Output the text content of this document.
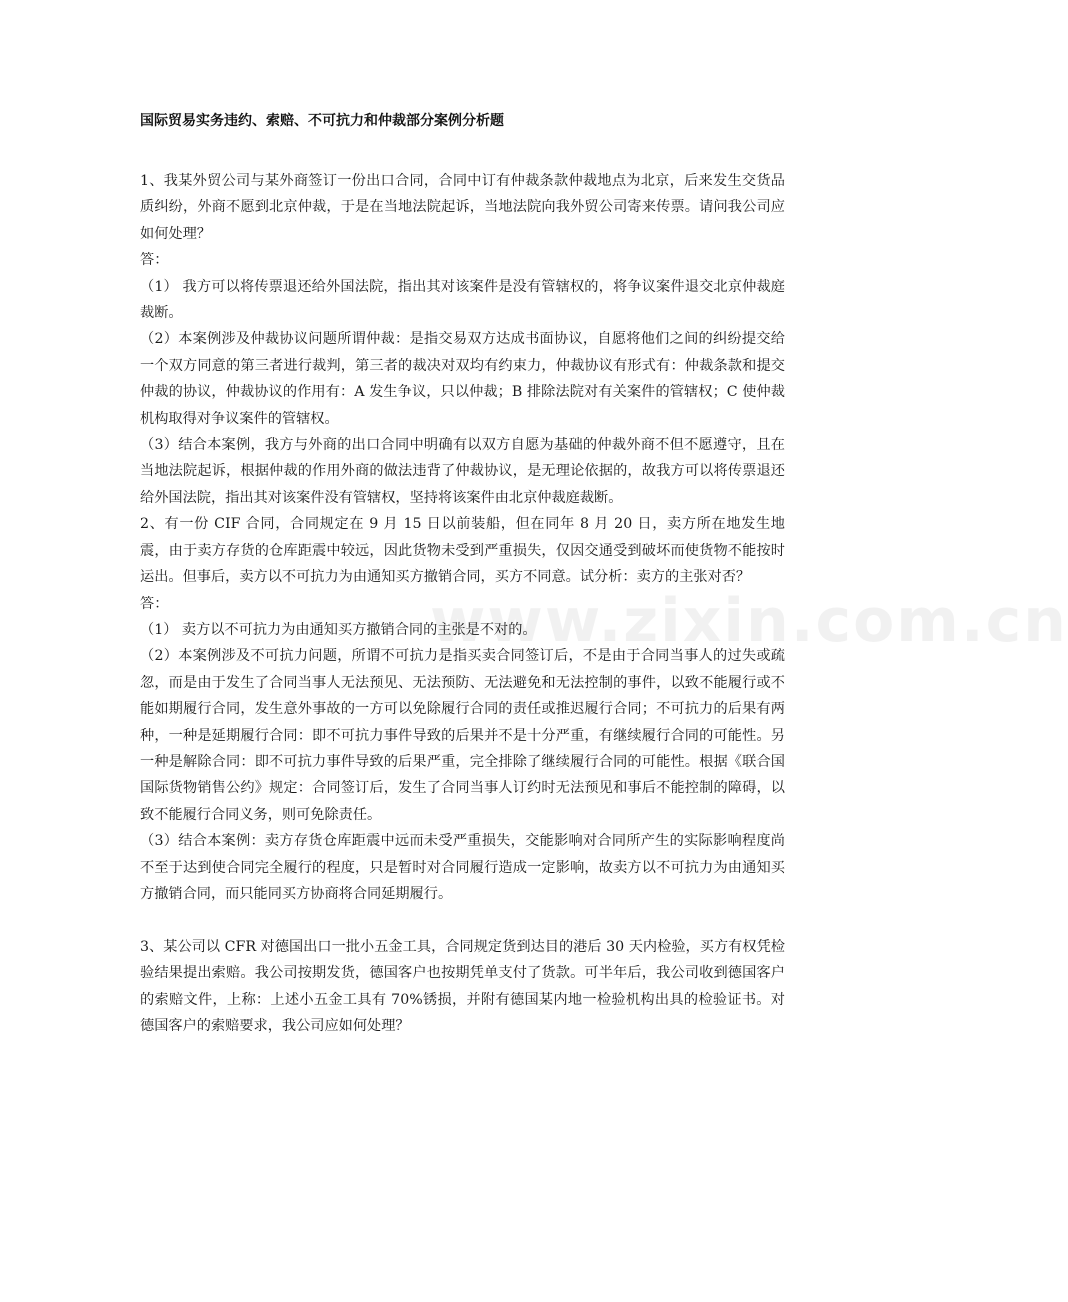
www.zixin.com.cn
国际贸易实务违约、索赔、不可抗力和仲裁部分案例分析题

1、我某外贸公司与某外商签订一份出口合同，合同中订有仲裁条款仲裁地点为北京，后来发生交货品质纠纷，外商不愿到北京仲裁，于是在当地法院起诉，当地法院向我外贸公司寄来传票。请问我公司应如何处理？

答：

（1） 我方可以将传票退还给外国法院，指出其对该案件是没有管辖权的，将争议案件退交北京仲裁庭裁断。

（2）本案例涉及仲裁协议问题所谓仲裁：是指交易双方达成书面协议，自愿将他们之间的纠纷提交给一个双方同意的第三者进行裁判，第三者的裁决对双均有约束力，仲裁协议有形式有：仲裁条款和提交仲裁的协议，仲裁协议的作用有：A 发生争议，只以仲裁；B 排除法院对有关案件的管辖权；C 使仲裁机构取得对争议案件的管辖权。

（3）结合本案例，我方与外商的出口合同中明确有以双方自愿为基础的仲裁外商不但不愿遵守，且在当地法院起诉，根据仲裁的作用外商的做法违背了仲裁协议，是无理论依据的，故我方可以将传票退还给外国法院，指出其对该案件没有管辖权，坚持将该案件由北京仲裁庭裁断。

2、有一份 CIF 合同，合同规定在 9 月 15 日以前装船，但在同年 8 月 20 日，卖方所在地发生地震，由于卖方存货的仓库距震中较远，因此货物未受到严重损失，仅因交通受到破坏而使货物不能按时运出。但事后，卖方以不可抗力为由通知买方撤销合同，买方不同意。试分析：卖方的主张对否？

答：

（1） 卖方以不可抗力为由通知买方撤销合同的主张是不对的。

（2）本案例涉及不可抗力问题，所谓不可抗力是指买卖合同签订后，不是由于合同当事人的过失或疏忽，而是由于发生了合同当事人无法预见、无法预防、无法避免和无法控制的事件，以致不能履行或不能如期履行合同，发生意外事故的一方可以免除履行合同的责任或推迟履行合同；不可抗力的后果有两种，一种是延期履行合同：即不可抗力事件导致的后果并不是十分严重，有继续履行合同的可能性。另一种是解除合同：即不可抗力事件导致的后果严重，完全排除了继续履行合同的可能性。根据《联合国国际货物销售公约》规定：合同签订后，发生了合同当事人订约时无法预见和事后不能控制的障碍，以致不能履行合同义务，则可免除责任。

（3）结合本案例：卖方存货仓库距震中远而未受严重损失，交能影响对合同所产生的实际影响程度尚不至于达到使合同完全履行的程度，只是暂时对合同履行造成一定影响，故卖方以不可抗力为由通知买方撤销合同，而只能同买方协商将合同延期履行。

3、某公司以 CFR 对德国出口一批小五金工具，合同规定货到达目的港后 30 天内检验，买方有权凭检验结果提出索赔。我公司按期发货，德国客户也按期凭单支付了货款。可半年后，我公司收到德国客户的索赔文件，上称：上述小五金工具有 70%锈损，并附有德国某内地一检验机构出具的检验证书。对德国客户的索赔要求，我公司应如何处理？
